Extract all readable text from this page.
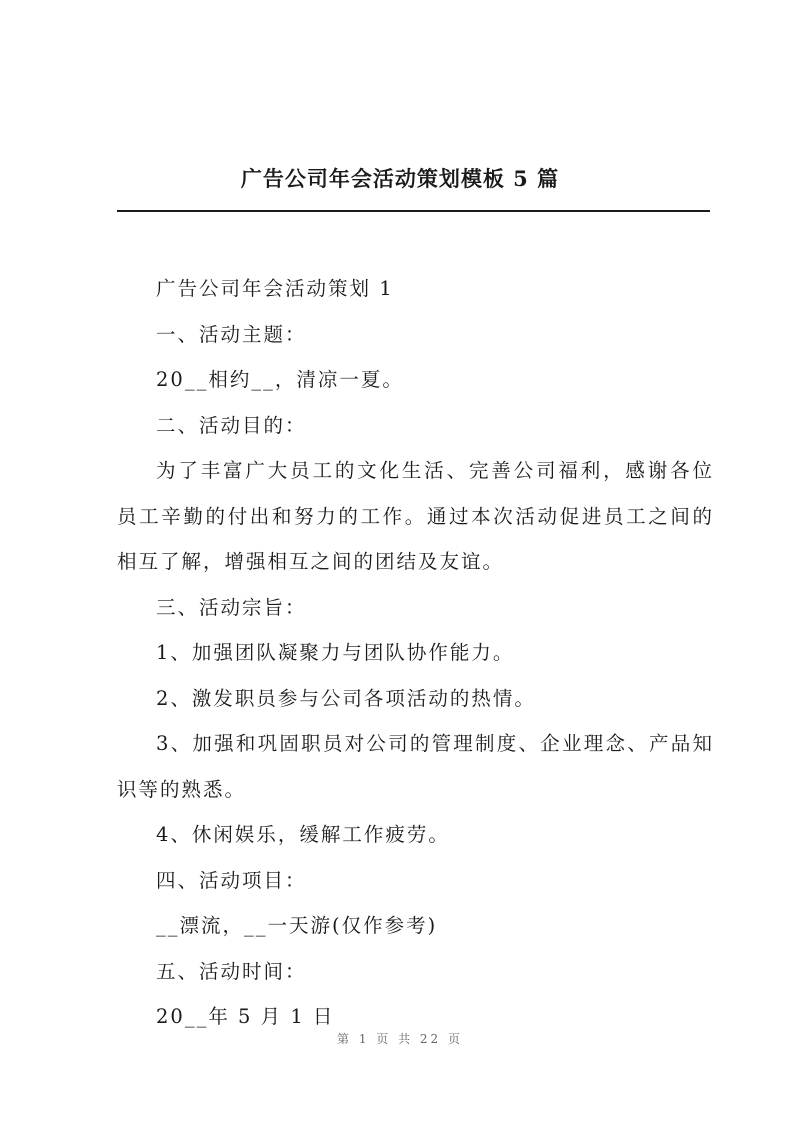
广告公司年会活动策划模板 5 篇

广告公司年会活动策划 1

一、活动主题：

20__相约__，清凉一夏。

二、活动目的：

为了丰富广大员工的文化生活、完善公司福利，感谢各位员工辛勤的付出和努力的工作。通过本次活动促进员工之间的相互了解，增强相互之间的团结及友谊。

三、活动宗旨：

1、加强团队凝聚力与团队协作能力。

2、激发职员参与公司各项活动的热情。

3、加强和巩固职员对公司的管理制度、企业理念、产品知识等的熟悉。

4、休闲娱乐，缓解工作疲劳。

四、活动项目：

__漂流，__一天游(仅作参考)

五、活动时间：

20__年 5 月 1 日

第 1 页 共 22 页
